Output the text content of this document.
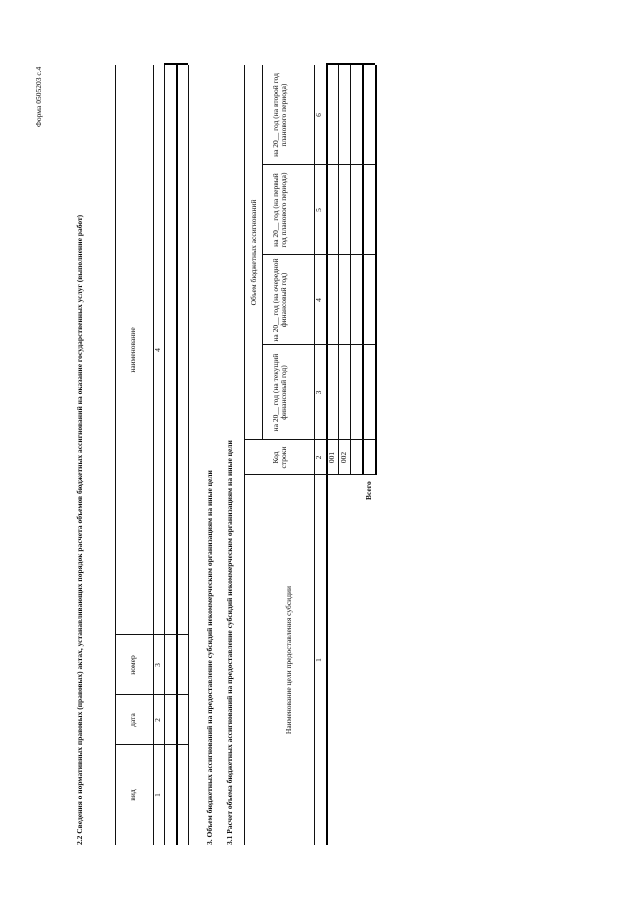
Форма 0505203 с.4
2.2 Сведения о нормативных правовых (правовых) актах, устанавливающих порядок расчета объемов бюджетных ассигнований на оказание государственных услуг (выполнение работ)	вид
дата
номер
наименование
1
2
3
4
3. Объем бюджетных ассигнований на предоставление субсидий некоммерческим организациям на иные цели 3.1 Расчет объема бюджетных ассигнований на предоставление субсидий некоммерческим организациям на иные цели	Наименование цели предоставления субсидии
Код строки
Объем бюджетных ассигнований
на 20__ год (на текущий финансовый год)
на 20__ год (на очередной финансовый год)
на 20__ год (на первый год планового периода)
на 20__ год (на второй год планового периода)
1
2
3
4
5
6
001 002
Всего
